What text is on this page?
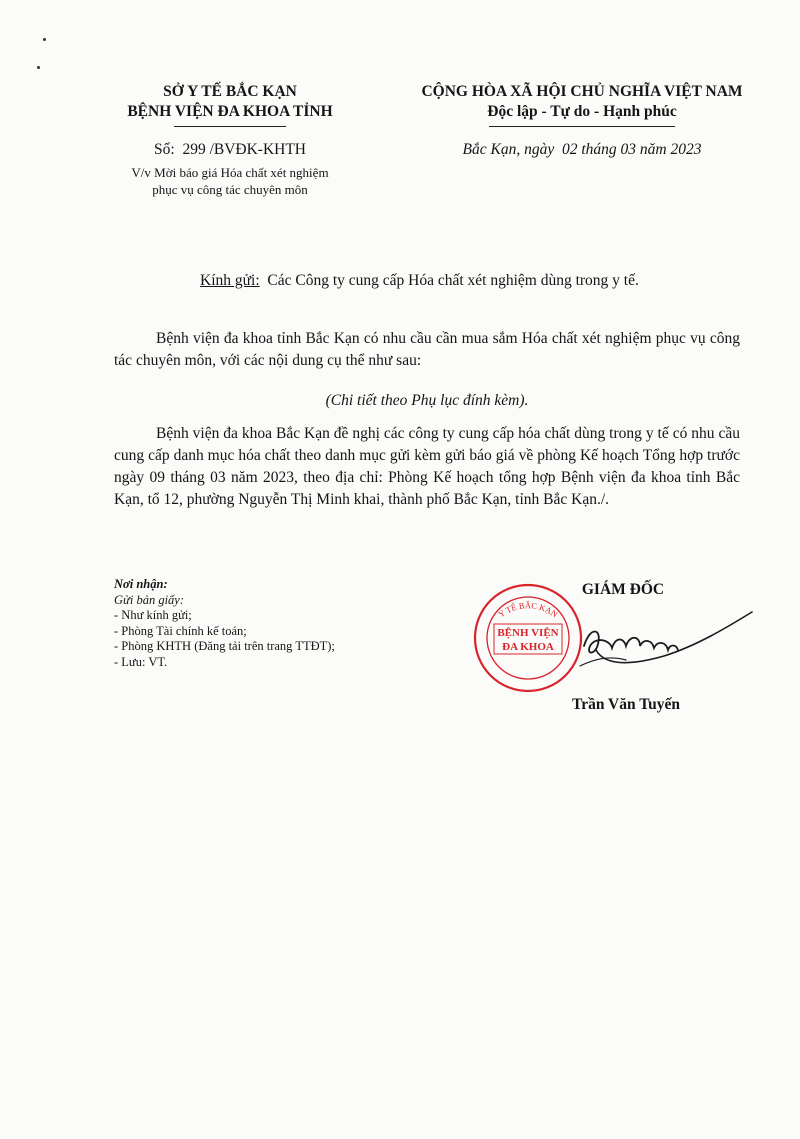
SỞ Y TẾ BẮC KẠN
BỆNH VIỆN ĐA KHOA TỈNH
Số: 299 /BVĐK-KHTH
V/v Mời báo giá Hóa chất xét nghiệm
phục vụ công tác chuyên môn
CỘNG HÒA XÃ HỘI CHỦ NGHĨA VIỆT NAM
Độc lập - Tự do - Hạnh phúc
Bắc Kạn, ngày 02 tháng 03 năm 2023
Kính gửi: Các Công ty cung cấp Hóa chất xét nghiệm dùng trong y tế.
Bệnh viện đa khoa tỉnh Bắc Kạn có nhu cầu cần mua sắm Hóa chất xét nghiệm phục vụ công tác chuyên môn, với các nội dung cụ thể như sau:
(Chi tiết theo Phụ lục đính kèm).
Bệnh viện đa khoa Bắc Kạn đề nghị các công ty cung cấp hóa chất dùng trong y tế có nhu cầu cung cấp danh mục hóa chất theo danh mục gửi kèm gửi báo giá về phòng Kế hoạch Tổng hợp trước ngày 09 tháng 03 năm 2023, theo địa chỉ: Phòng Kế hoạch tổng hợp Bệnh viện đa khoa tỉnh Bắc Kạn, tổ 12, phường Nguyễn Thị Minh khai, thành phố Bắc Kạn, tỉnh Bắc Kạn./.
Nơi nhận:
Gửi bản giấy:
- Như kính gửi;
- Phòng Tài chính kế toán;
- Phòng KHTH (Đăng tải trên trang TTĐT);
- Lưu: VT.
Y TẾ BẮC KẠN
BỆNH VIỆN
ĐA KHOA
GIÁM ĐỐC
Trần Văn Tuyến
